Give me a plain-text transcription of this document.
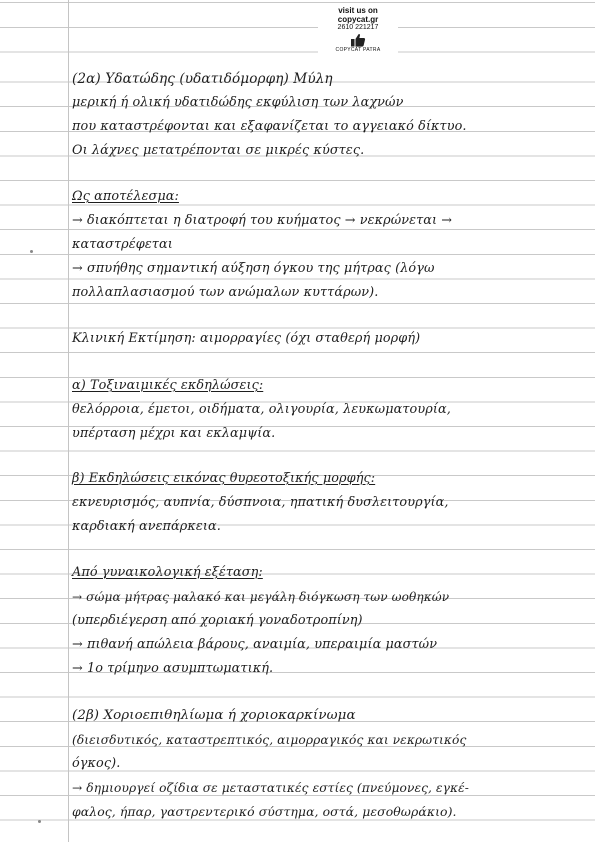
visit us on
copycat.gr
2610 221217
COPYCAT PATRA
(2α) Υδατώδης (υδατιδόμορφη) Μύλη
μερική ή ολική υδατιδώδης εκφύλιση των λαχνών
που καταστρέφονται και εξαφανίζεται το αγγειακό δίκτυο.
Οι λάχνες μετατρέπονται σε μικρές κύστες.
Ως αποτέλεσμα:
→ διακόπτεται η διατροφή του κυήματος → νεκρώνεται →
καταστρέφεται
→ σπυήθης σημαντική αύξηση όγκου της μήτρας (λόγω
πολλαπλασιασμού των ανώμαλων κυττάρων).
Κλινική Εκτίμηση: αιμορραγίες (όχι σταθερή μορφή)
α) Τοξιναιμικές εκδηλώσεις:
θελόρροια, έμετοι, οιδήματα, ολιγουρία, λευκωματουρία,
υπέρταση μέχρι και εκλαμψία.
β) Εκδηλώσεις εικόνας θυρεοτοξικής μορφής:
εκνευρισμός, αυπνία, δύσπνοια, ηπατική δυσλειτουργία,
καρδιακή ανεπάρκεια.
Από γυναικολογική εξέταση:
→ σώμα μήτρας μαλακό και μεγάλη διόγκωση των ωοθηκών
(υπερδιέγερση από χοριακή γοναδοτροπίνη)
→ πιθανή απώλεια βάρους, αναιμία, υπεραιμία μαστών
→ 1ο τρίμηνο ασυμπτωματική.
(2β) Χοριοεπιθηλίωμα ή χοριοκαρκίνωμα
(διεισδυτικός, καταστρεπτικός, αιμορραγικός και νεκρωτικός
όγκος).
→ δημιουργεί οζίδια σε μεταστατικές εστίες (πνεύμονες, εγκέ-
φαλος, ήπαρ, γαστρεντερικό σύστημα, οστά, μεσοθωράκιο).
